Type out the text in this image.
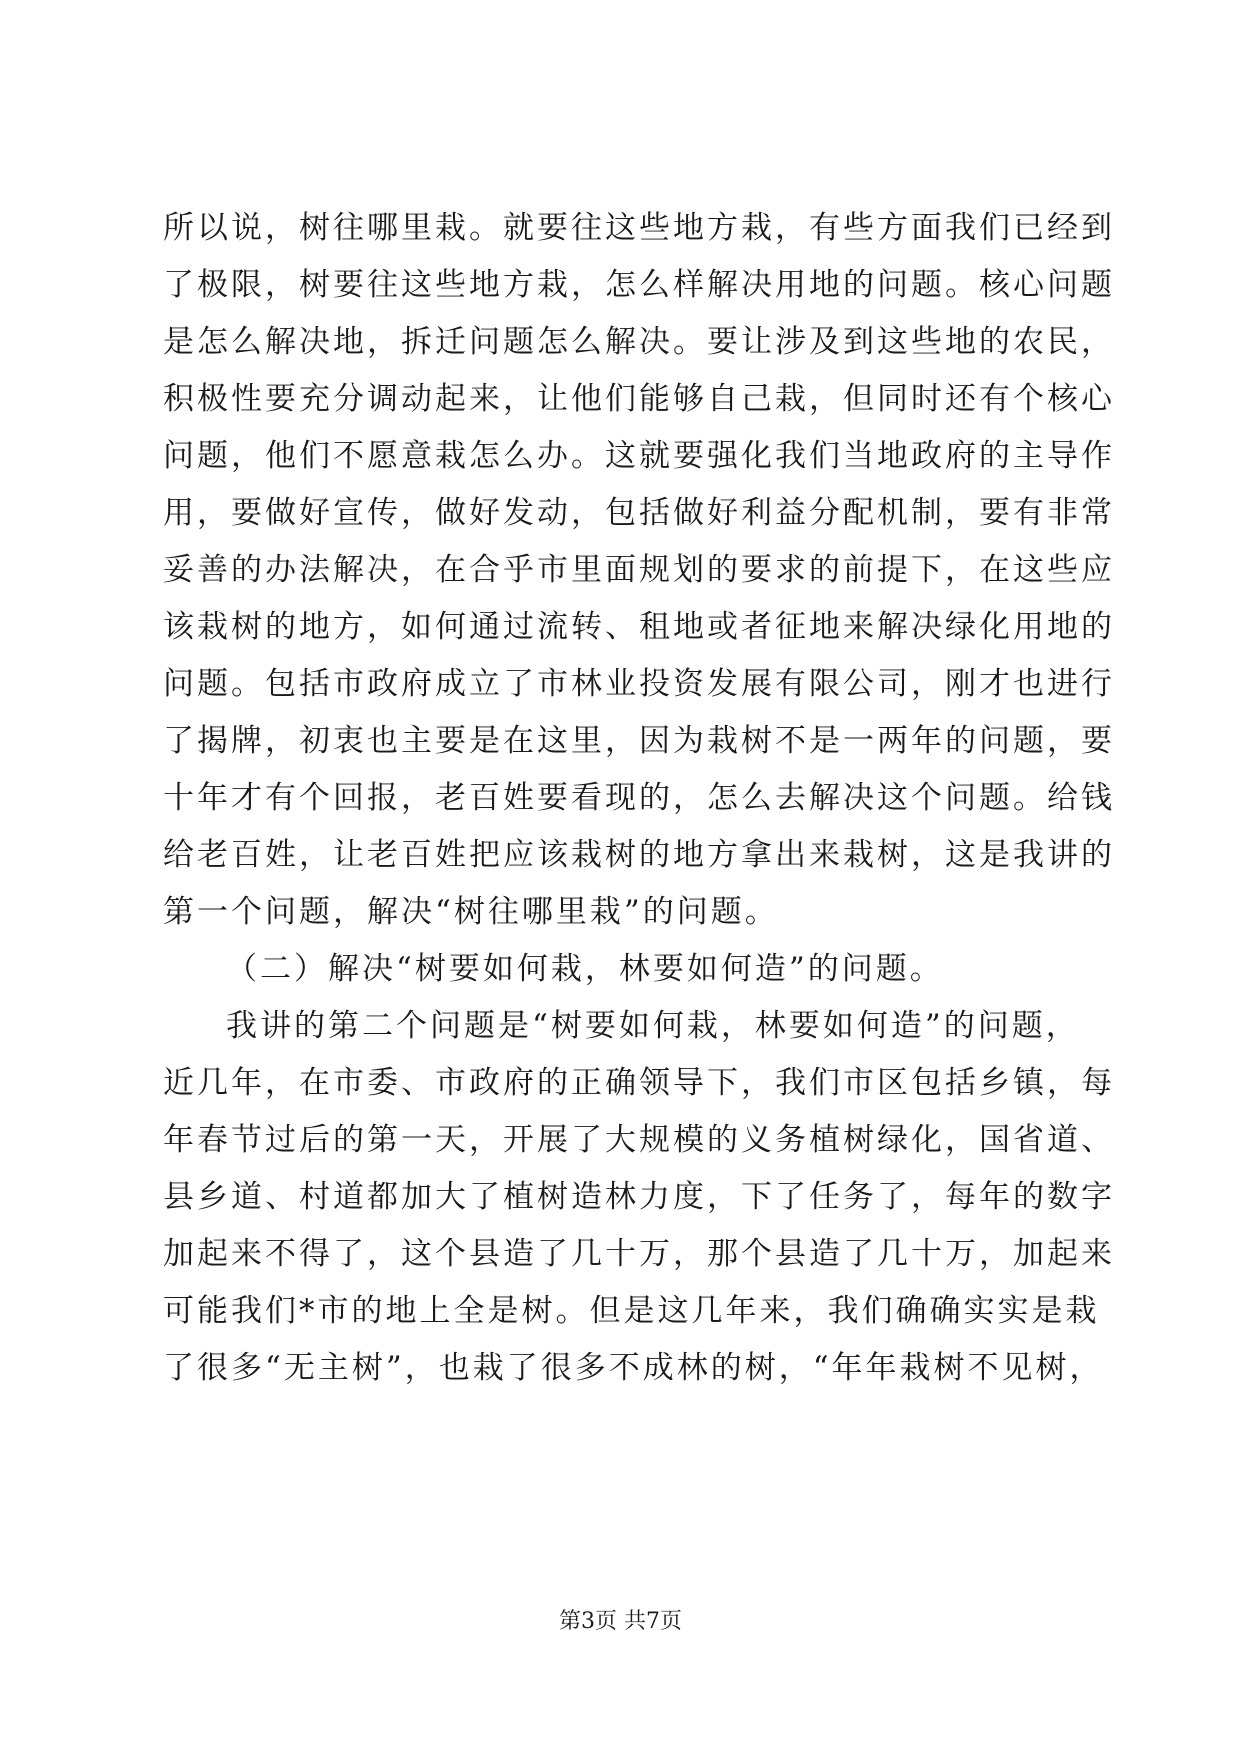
所以说，树往哪里栽。就要往这些地方栽，有些方面我们已经到
了极限，树要往这些地方栽，怎么样解决用地的问题。核心问题
是怎么解决地，拆迁问题怎么解决。要让涉及到这些地的农民，
积极性要充分调动起来，让他们能够自己栽，但同时还有个核心
问题，他们不愿意栽怎么办。这就要强化我们当地政府的主导作
用，要做好宣传，做好发动，包括做好利益分配机制，要有非常
妥善的办法解决，在合乎市里面规划的要求的前提下，在这些应
该栽树的地方，如何通过流转、租地或者征地来解决绿化用地的
问题。包括市政府成立了市林业投资发展有限公司，刚才也进行
了揭牌，初衷也主要是在这里，因为栽树不是一两年的问题，要
十年才有个回报，老百姓要看现的，怎么去解决这个问题。给钱
给老百姓，让老百姓把应该栽树的地方拿出来栽树，这是我讲的
第一个问题，解决“树往哪里栽”的问题。
（二）解决“树要如何栽，林要如何造”的问题。
我讲的第二个问题是“树要如何栽，林要如何造”的问题，
近几年，在市委、市政府的正确领导下，我们市区包括乡镇，每
年春节过后的第一天，开展了大规模的义务植树绿化，国省道、
县乡道、村道都加大了植树造林力度，下了任务了，每年的数字
加起来不得了，这个县造了几十万，那个县造了几十万，加起来
可能我们*市的地上全是树。但是这几年来，我们确确实实是栽
了很多“无主树”，也栽了很多不成林的树，“年年栽树不见树，
第3页 共7页
